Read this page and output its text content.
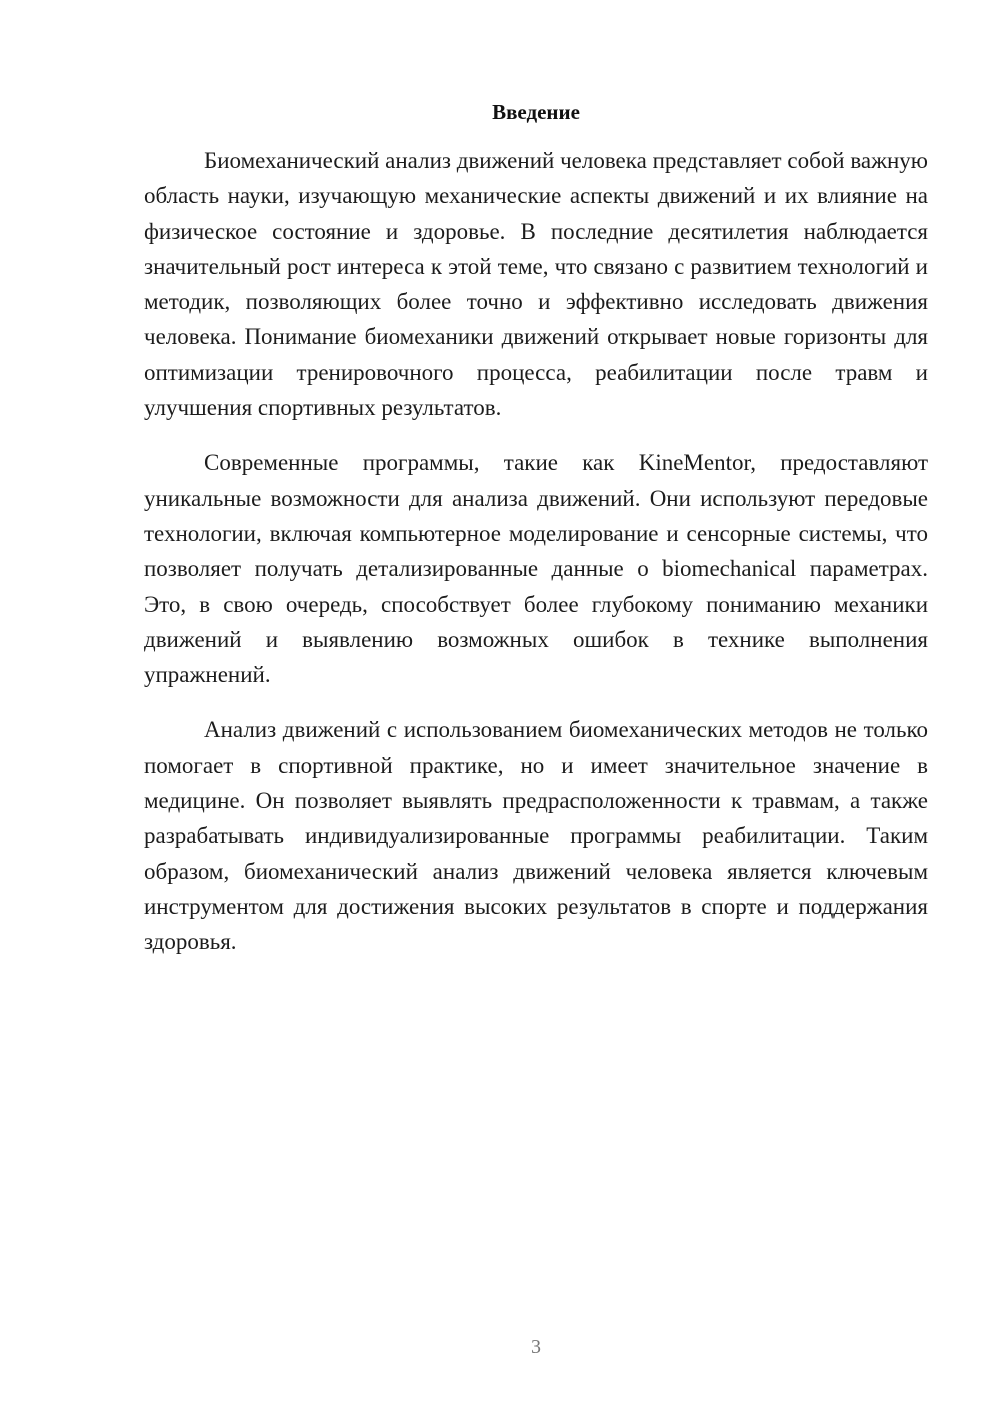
Введение

Биомеханический анализ движений человека представляет собой важную область науки, изучающую механические аспекты движений и их влияние на физическое состояние и здоровье. В последние десятилетия наблюдается значительный рост интереса к этой теме, что связано с развитием технологий и методик, позволяющих более точно и эффективно исследовать движения человека. Понимание биомеханики движений открывает новые горизонты для оптимизации тренировочного процесса, реабилитации после травм и улучшения спортивных результатов.

Современные программы, такие как KineMentor, предоставляют уникальные возможности для анализа движений. Они используют передовые технологии, включая компьютерное моделирование и сенсорные системы, что позволяет получать детализированные данные о biomechanical параметрах. Это, в свою очередь, способствует более глубокому пониманию механики движений и выявлению возможных ошибок в технике выполнения упражнений.

Анализ движений с использованием биомеханических методов не только помогает в спортивной практике, но и имеет значительное значение в медицине. Он позволяет выявлять предрасположенности к травмам, а также разрабатывать индивидуализированные программы реабилитации. Таким образом, биомеханический анализ движений человека является ключевым инструментом для достижения высоких результатов в спорте и поддержания здоровья.

3
